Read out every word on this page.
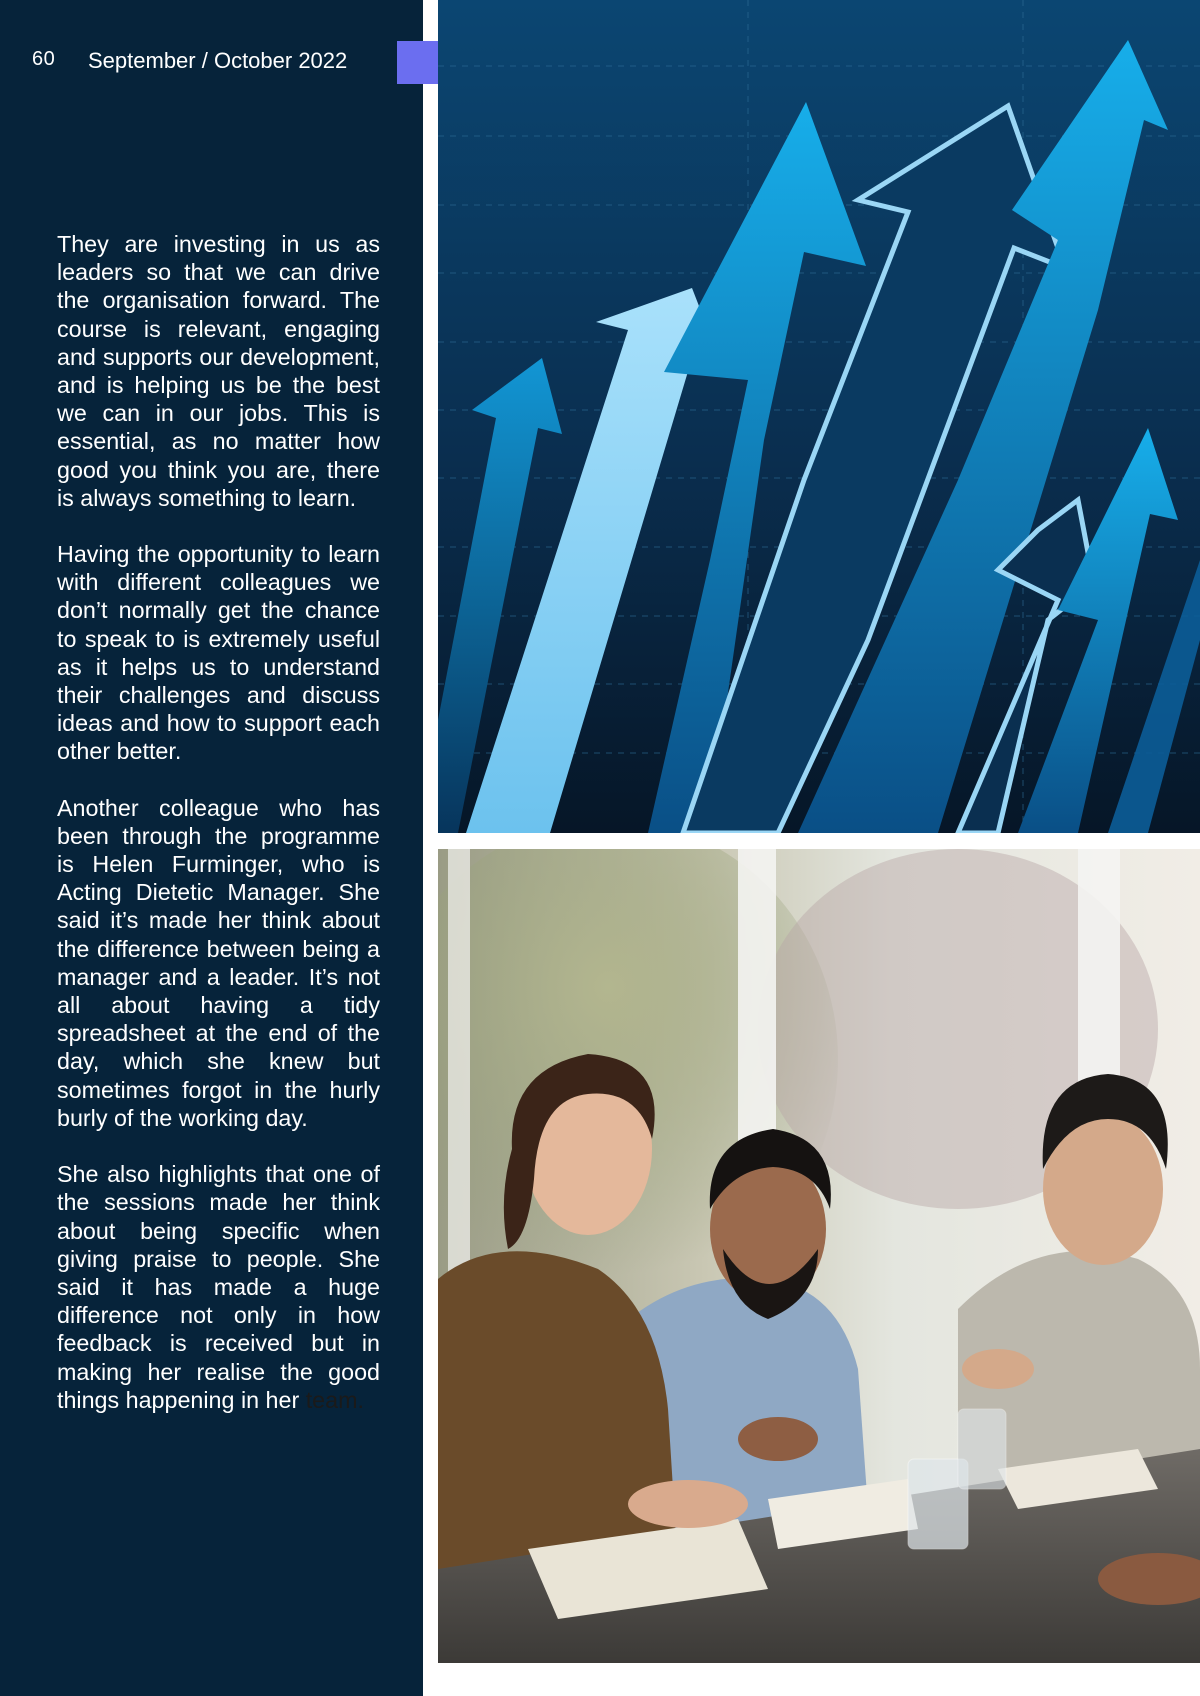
60 September / October 2022

They are investing in us as leaders so that we can drive the organisation forward. The course is relevant, engaging and supports our development, and is helping us be the best we can in our jobs. This is essential, as no matter how good you think you are, there is always something to learn.

Having the opportunity to learn with different colleagues we don’t normally get the chance to speak to is extremely useful as it helps us to understand their challenges and discuss ideas and how to support each other better.

Another colleague who has been through the programme is Helen Furminger, who is Acting Dietetic Manager. She said it’s made her think about the difference between being a manager and a leader. It’s not all about having a tidy spreadsheet at the end of the day, which she knew but sometimes forgot in the hurly burly of the working day.

She also highlights that one of the sessions made her think about being specific when giving praise to people. She said it has made a huge difference not only in how feedback is received but in making her realise the good things happening in her team.
